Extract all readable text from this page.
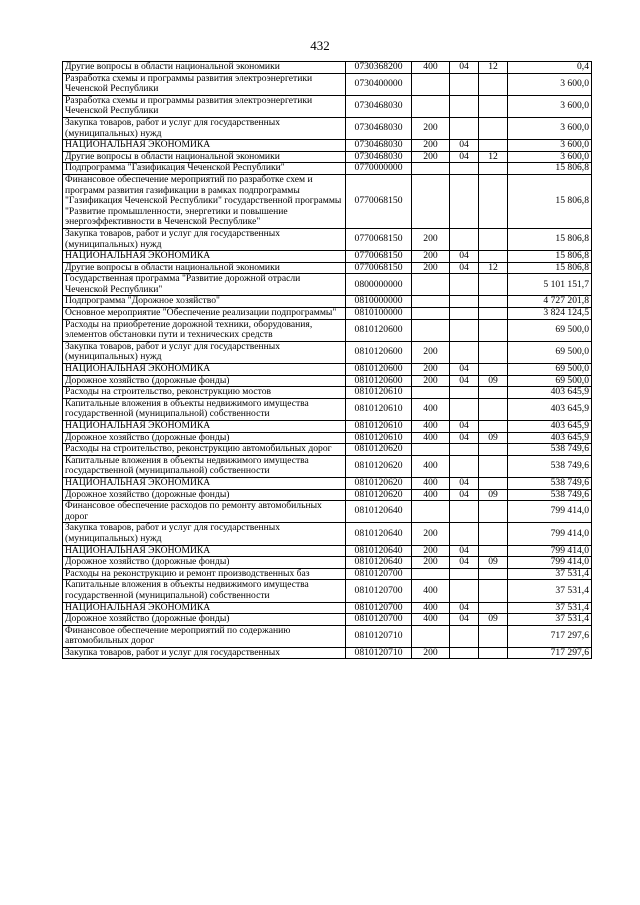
432
Другие вопросы в области национальной экономики	0730368200	400	04	12	0,4
Разработка схемы и программы развития электроэнергетики Чеченской Республики	0730400000				3 600,0
Разработка схемы и программы развития электроэнергетики Чеченской Республики	0730468030				3 600,0
Закупка товаров, работ и услуг для государственных (муниципальных) нужд	0730468030	200			3 600,0
НАЦИОНАЛЬНАЯ ЭКОНОМИКА	0730468030	200	04		3 600,0
Другие вопросы в области национальной экономики	0730468030	200	04	12	3 600,0
Подпрограмма "Газификация Чеченской Республики"	0770000000				15 806,8
Финансовое обеспечение мероприятий по разработке схем и программ развития газификации в рамках подпрограммы "Газификация Чеченской Республики" государственной программы "Развитие промышленности, энергетики и повышение энергоэффективности в Чеченской Республике"	0770068150				15 806,8
Закупка товаров, работ и услуг для государственных (муниципальных) нужд	0770068150	200			15 806,8
НАЦИОНАЛЬНАЯ ЭКОНОМИКА	0770068150	200	04		15 806,8
Другие вопросы в области национальной экономики	0770068150	200	04	12	15 806,8
Государственная программа "Развитие дорожной отрасли Чеченской Республики"	0800000000				5 101 151,7
Подпрограмма "Дорожное хозяйство"	0810000000				4 727 201,8
Основное мероприятие "Обеспечение реализации подпрограммы"	0810100000				3 824 124,5
Расходы на приобретение дорожной техники, оборудования, элементов обстановки пути и технических средств	0810120600				69 500,0
Закупка товаров, работ и услуг для государственных (муниципальных) нужд	0810120600	200			69 500,0
НАЦИОНАЛЬНАЯ ЭКОНОМИКА	0810120600	200	04		69 500,0
Дорожное хозяйство (дорожные фонды)	0810120600	200	04	09	69 500,0
Расходы на строительство, реконструкцию мостов	0810120610				403 645,9
Капитальные вложения в объекты недвижимого имущества государственной (муниципальной) собственности	0810120610	400			403 645,9
НАЦИОНАЛЬНАЯ ЭКОНОМИКА	0810120610	400	04		403 645,9
Дорожное хозяйство (дорожные фонды)	0810120610	400	04	09	403 645,9
Расходы на строительство, реконструкцию автомобильных дорог	0810120620				538 749,6
Капитальные вложения в объекты недвижимого имущества государственной (муниципальной) собственности	0810120620	400			538 749,6
НАЦИОНАЛЬНАЯ ЭКОНОМИКА	0810120620	400	04		538 749,6
Дорожное хозяйство (дорожные фонды)	0810120620	400	04	09	538 749,6
Финансовое обеспечение расходов по ремонту автомобильных дорог	0810120640				799 414,0
Закупка товаров, работ и услуг для государственных (муниципальных) нужд	0810120640	200			799 414,0
НАЦИОНАЛЬНАЯ ЭКОНОМИКА	0810120640	200	04		799 414,0
Дорожное хозяйство (дорожные фонды)	0810120640	200	04	09	799 414,0
Расходы на реконструкцию и ремонт производственных баз	0810120700				37 531,4
Капитальные вложения в объекты недвижимого имущества государственной (муниципальной) собственности	0810120700	400			37 531,4
НАЦИОНАЛЬНАЯ ЭКОНОМИКА	0810120700	400	04		37 531,4
Дорожное хозяйство (дорожные фонды)	0810120700	400	04	09	37 531,4
Финансовое обеспечение мероприятий по содержанию автомобильных дорог	0810120710				717 297,6
Закупка товаров, работ и услуг для государственных	0810120710	200			717 297,6
